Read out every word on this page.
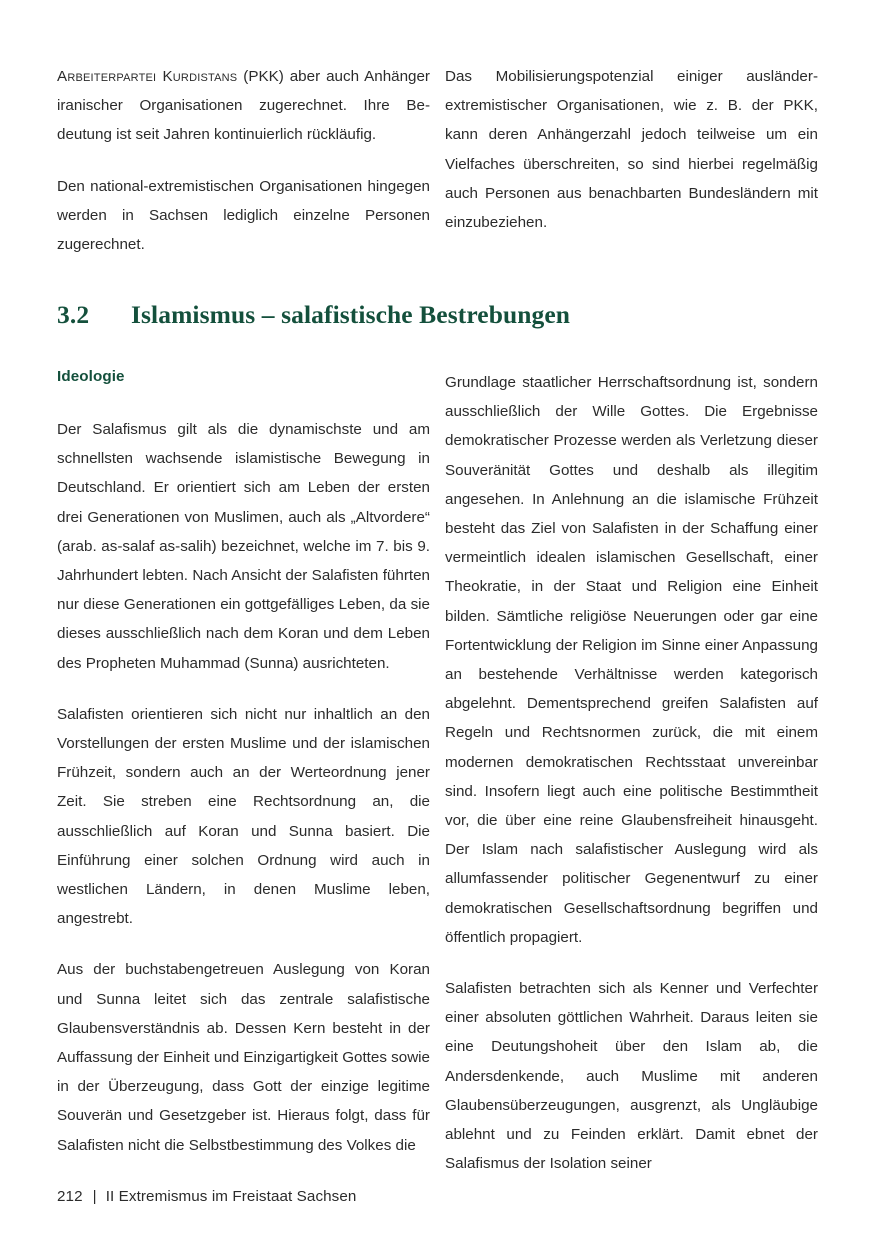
Arbeiterpartei Kurdistans (PKK) aber auch Anhänger iranischer Organisationen zugerechnet. Ihre Bedeutung ist seit Jahren kontinuierlich rückläufig.

Den national-extremistischen Organisationen hingegen werden in Sachsen lediglich einzelne Personen zugerechnet.

Das Mobilisierungspotenzial einiger ausländerextremistischer Organisationen, wie z. B. der PKK, kann deren Anhängerzahl jedoch teilweise um ein Vielfaches überschreiten, so sind hierbei regelmäßig auch Personen aus benachbarten Bundesländern mit einzubeziehen.

3.2	Islamismus – salafistische Bestrebungen
Ideologie

Der Salafismus gilt als die dynamischste und am schnellsten wachsende islamistische Bewegung in Deutschland. Er orientiert sich am Leben der ersten drei Generationen von Muslimen, auch als „Altvordere“ (arab. as-salaf as-salih) bezeichnet, welche im 7. bis 9. Jahrhundert lebten. Nach Ansicht der Salafisten führten nur diese Generationen ein gottgefälliges Leben, da sie dieses ausschließlich nach dem Koran und dem Leben des Propheten Muhammad (Sunna) ausrichteten.

Salafisten orientieren sich nicht nur inhaltlich an den Vorstellungen der ersten Muslime und der islamischen Frühzeit, sondern auch an der Werteordnung jener Zeit. Sie streben eine Rechtsordnung an, die ausschließlich auf Koran und Sunna basiert. Die Einführung einer solchen Ordnung wird auch in westlichen Ländern, in denen Muslime leben, angestrebt.

Aus der buchstabengetreuen Auslegung von Koran und Sunna leitet sich das zentrale salafistische Glaubensverständnis ab. Dessen Kern besteht in der Auffassung der Einheit und Einzigartigkeit Gottes sowie in der Überzeugung, dass Gott der einzige legitime Souverän und Gesetzgeber ist. Hieraus folgt, dass für Salafisten nicht die Selbstbestimmung des Volkes die

Grundlage staatlicher Herrschaftsordnung ist, sondern ausschließlich der Wille Gottes. Die Ergebnisse demokratischer Prozesse werden als Verletzung dieser Souveränität Gottes und deshalb als illegitim angesehen. In Anlehnung an die islamische Frühzeit besteht das Ziel von Salafisten in der Schaffung einer vermeintlich idealen islamischen Gesellschaft, einer Theokratie, in der Staat und Religion eine Einheit bilden. Sämtliche religiöse Neuerungen oder gar eine Fortentwicklung der Religion im Sinne einer Anpassung an bestehende Verhältnisse werden kategorisch abgelehnt. Dementsprechend greifen Salafisten auf Regeln und Rechtsnormen zurück, die mit einem modernen demokratischen Rechtsstaat unvereinbar sind. Insofern liegt auch eine politische Bestimmtheit vor, die über eine reine Glaubensfreiheit hinausgeht. Der Islam nach salafistischer Auslegung wird als allumfassender politischer Gegenentwurf zu einer demokratischen Gesellschaftsordnung begriffen und öffentlich propagiert.

Salafisten betrachten sich als Kenner und Verfechter einer absoluten göttlichen Wahrheit. Daraus leiten sie eine Deutungshoheit über den Islam ab, die Andersdenkende, auch Muslime mit anderen Glaubensüberzeugungen, ausgrenzt, als Ungläubige ablehnt und zu Feinden erklärt. Damit ebnet der Salafismus der Isolation seiner

212 | II Extremismus im Freistaat Sachsen
